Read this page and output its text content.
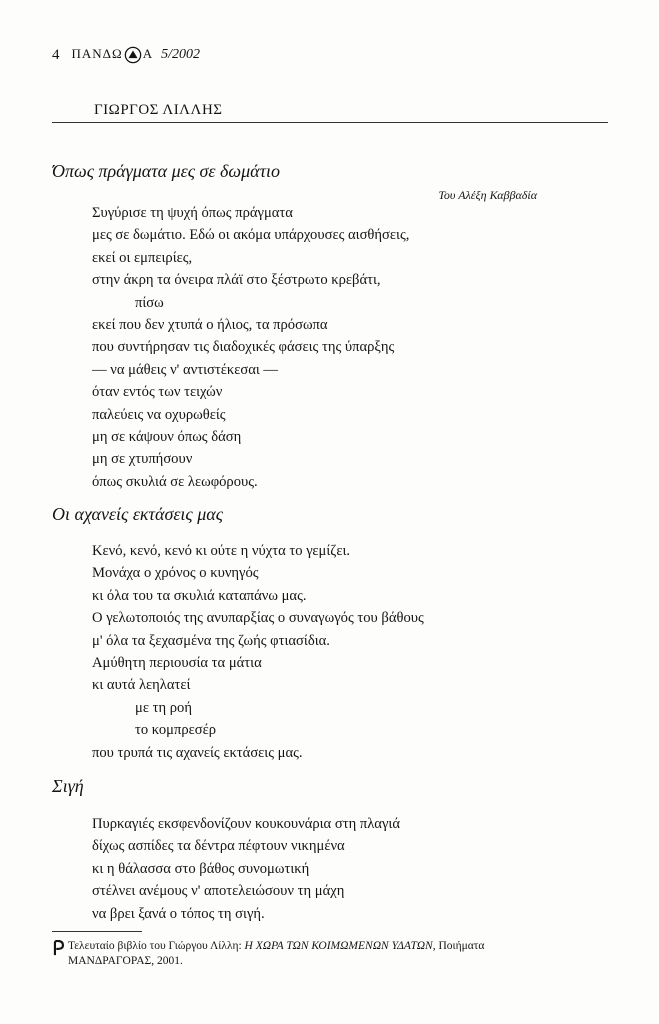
4 ΠΑΝΔΩ Α 5/2002
ΓΙΩΡΓΟΣ ΛΙΛΛΗΣ
Όπως πράγματα μες σε δωμάτιο
Του Αλέξη Καββαδία
Συγύρισε τη ψυχή όπως πράγματα
μες σε δωμάτιο. Εδώ οι ακόμα υπάρχουσες αισθήσεις,
εκεί οι εμπειρίες,
στην άκρη τα όνειρα πλάϊ στο ξέστρωτο κρεβάτι,
πίσω
εκεί που δεν χτυπά ο ήλιος, τα πρόσωπα
που συντήρησαν τις διαδοχικές φάσεις της ύπαρξης
— να μάθεις ν' αντιστέκεσαι —
όταν εντός των τειχών
παλεύεις να οχυρωθείς
μη σε κάψουν όπως δάση
μη σε χτυπήσουν
όπως σκυλιά σε λεωφόρους.
Οι αχανείς εκτάσεις μας
Κενό, κενό, κενό κι ούτε η νύχτα το γεμίζει.
Μονάχα ο χρόνος ο κυνηγός
κι όλα του τα σκυλιά καταπάνω μας.
Ο γελωτοποιός της ανυπαρξίας ο συναγωγός του βάθους
μ' όλα τα ξεχασμένα της ζωής φτιασίδια.
Αμύθητη περιουσία τα μάτια
κι αυτά λεηλατεί
με τη ροή
το κομπρεσέρ
που τρυπά τις αχανείς εκτάσεις μας.
Σιγή
Πυρκαγιές εκσφενδονίζουν κουκουνάρια στη πλαγιά
δίχως ασπίδες τα δέντρα πέφτουν νικημένα
κι η θάλασσα στο βάθος συνομωτική
στέλνει ανέμους ν' αποτελειώσουν τη μάχη
να βρει ξανά ο τόπος τη σιγή.
Τελευταίο βιβλίο του Γιώργου Λίλλη: Η ΧΩΡΑ ΤΩΝ ΚΟΙΜΩΜΕΝΩΝ ΥΔΑΤΩΝ, Ποιήματα
ΜΑΝΔΡΑΓΟΡΑΣ, 2001.
